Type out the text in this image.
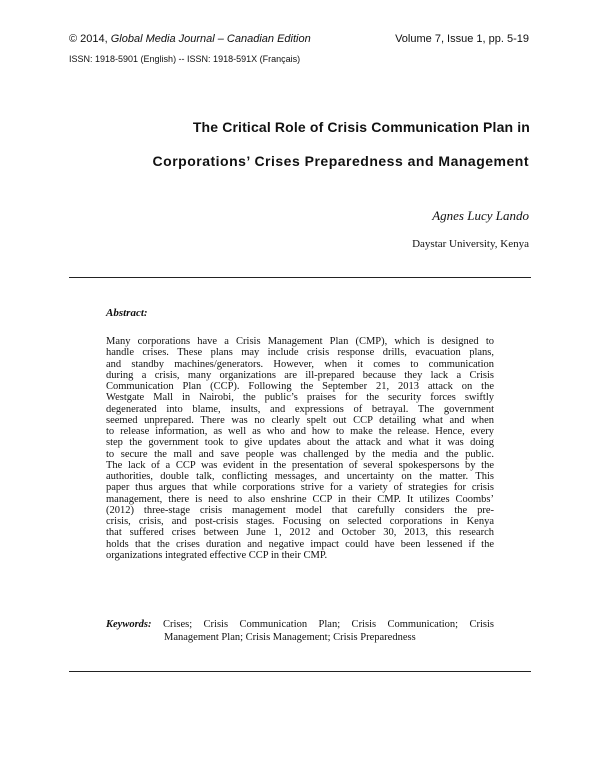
© 2014, Global Media Journal – Canadian Edition	Volume 7, Issue 1, pp. 5-19
ISSN: 1918-5901 (English) -- ISSN: 1918-591X (Français)
The Critical Role of Crisis Communication Plan in
Corporations’ Crises Preparedness and Management
Agnes Lucy Lando
Daystar University, Kenya
Abstract:
Many corporations have a Crisis Management Plan (CMP), which is designed to
handle crises. These plans may include crisis response drills, evacuation plans,
and standby machines/generators. However, when it comes to communication
during a crisis, many organizations are ill-prepared because they lack a Crisis
Communication Plan (CCP). Following the September 21, 2013 attack on the
Westgate Mall in Nairobi, the public’s praises for the security forces swiftly
degenerated into blame, insults, and expressions of betrayal. The government
seemed unprepared. There was no clearly spelt out CCP detailing what and when
to release information, as well as who and how to make the release. Hence, every
step the government took to give updates about the attack and what it was doing
to secure the mall and save people was challenged by the media and the public.
The lack of a CCP was evident in the presentation of several spokespersons by the
authorities, double talk, conflicting messages, and uncertainty on the matter. This
paper thus argues that while corporations strive for a variety of strategies for crisis
management, there is need to also enshrine CCP in their CMP. It utilizes Coombs’
(2012) three-stage crisis management model that carefully considers the pre-
crisis, crisis, and post-crisis stages. Focusing on selected corporations in Kenya
that suffered crises between June 1, 2012 and October 30, 2013, this research
holds that the crises duration and negative impact could have been lessened if the
organizations integrated effective CCP in their CMP.
Keywords: Crises; Crisis Communication Plan; Crisis Communication; Crisis
Management Plan; Crisis Management; Crisis Preparedness
